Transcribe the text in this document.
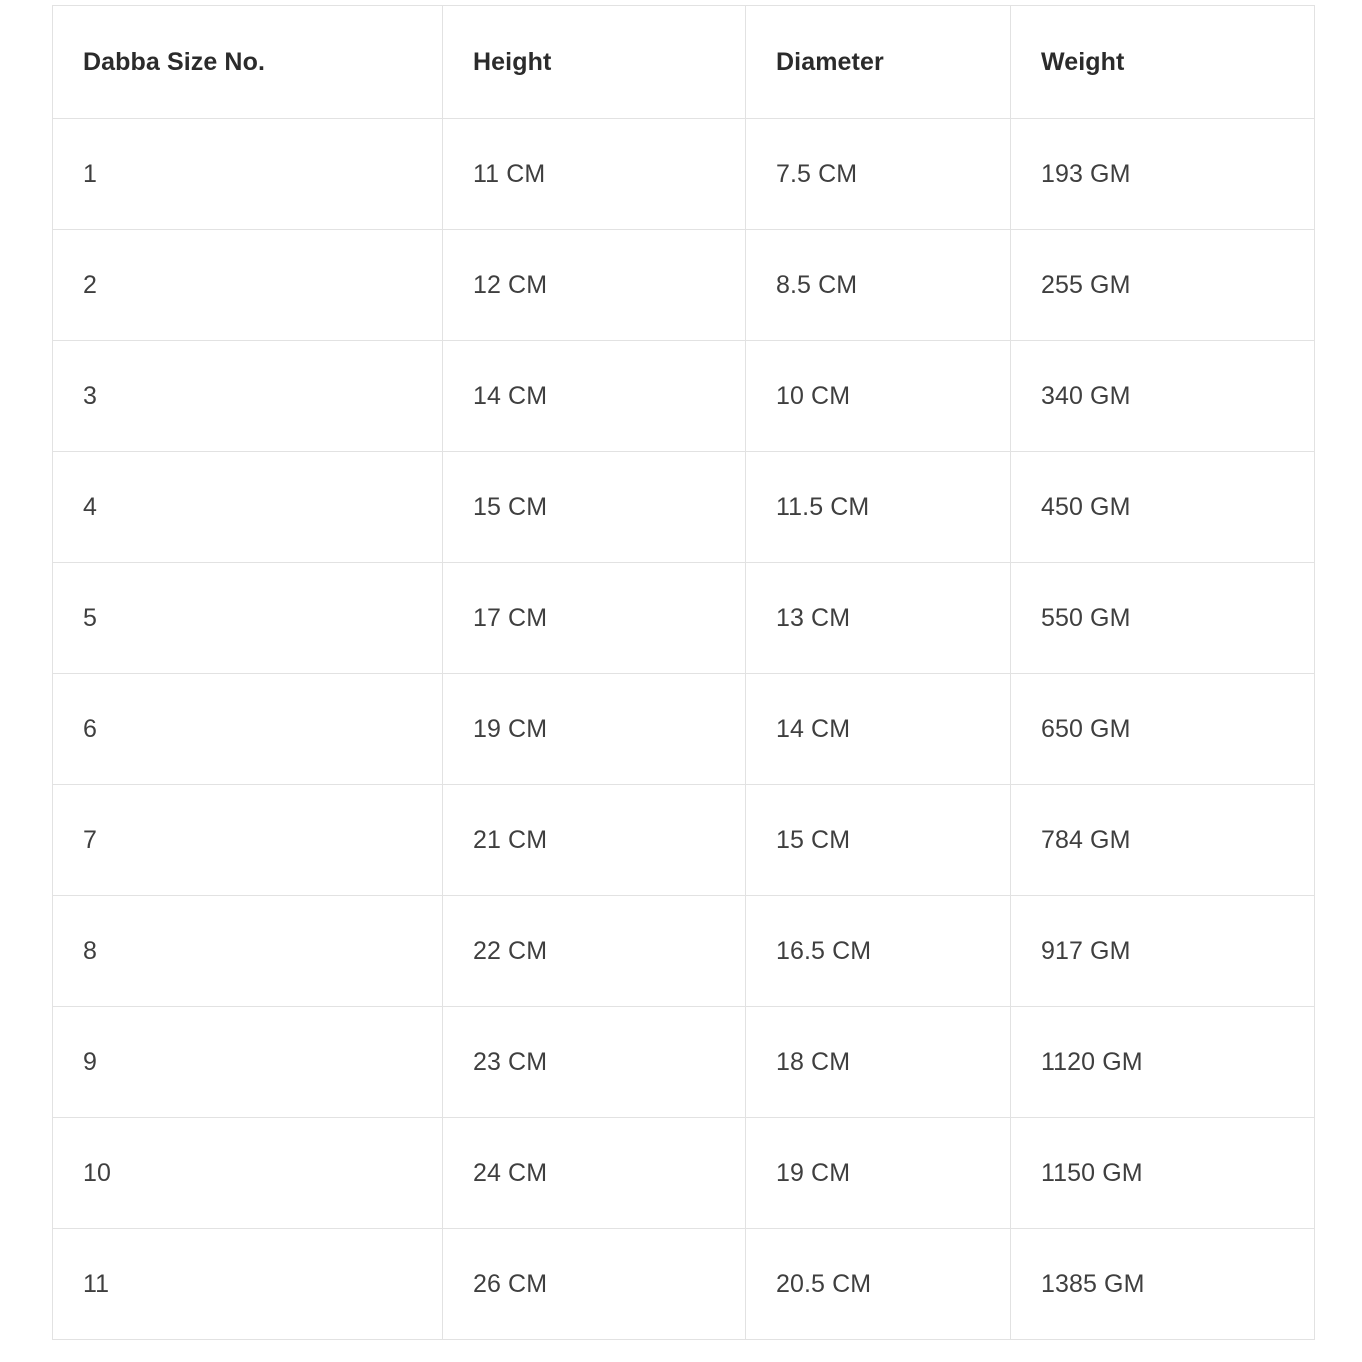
Dabba Size No.	Height	Diameter	Weight
1	11 CM	7.5 CM	193 GM
2	12 CM	8.5 CM	255 GM
3	14 CM	10 CM	340 GM
4	15 CM	11.5 CM	450 GM
5	17 CM	13 CM	550 GM
6	19 CM	14 CM	650 GM
7	21 CM	15 CM	784 GM
8	22 CM	16.5 CM	917 GM
9	23 CM	18 CM	1120 GM
10	24 CM	19 CM	1150 GM
11	26 CM	20.5 CM	1385 GM
